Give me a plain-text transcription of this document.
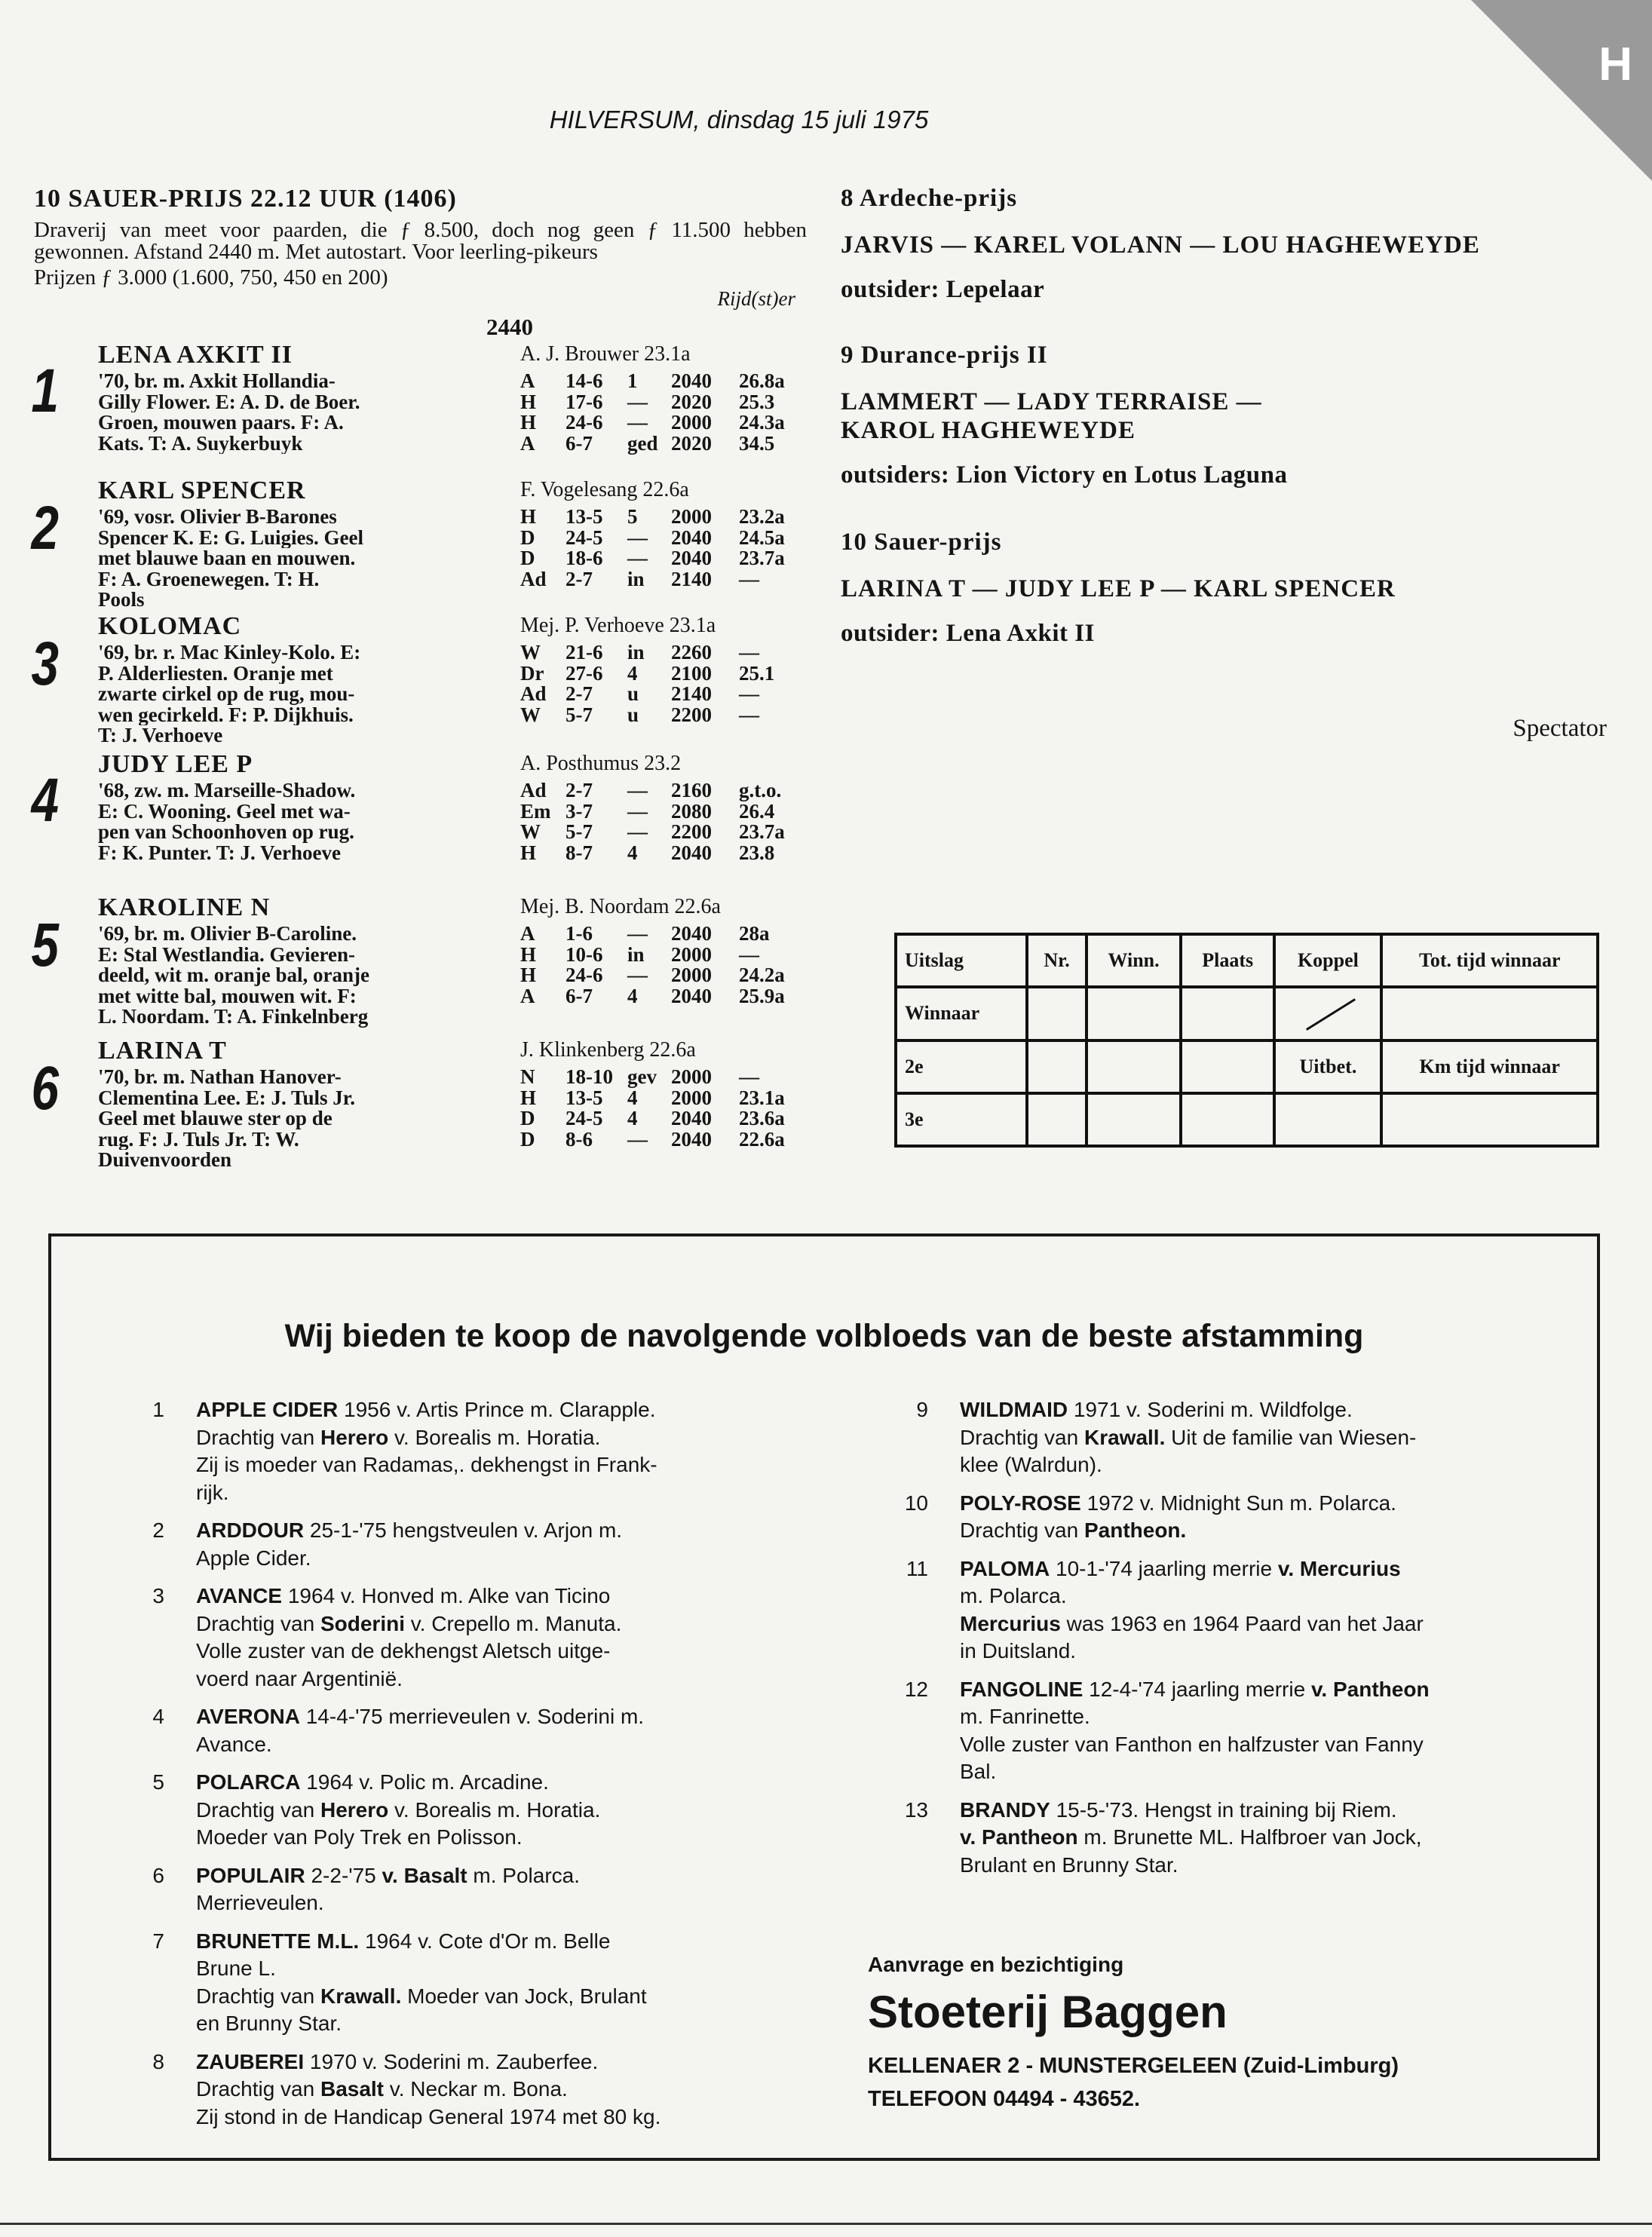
H
HILVERSUM, dinsdag 15 juli 1975
10 SAUER-PRIJS 22.12 UUR (1406)
Draverij van meet voor paarden, die ƒ 8.500, doch nog geen ƒ 11.500 hebben gewonnen. Afstand 2440 m. Met autostart. Voor leerling-pikeurs
Prijzen ƒ 3.000 (1.600, 750, 450 en 200)
Rijd(st)er
2440
1
LENA AXKIT II	A. J. Brouwer 23.1a
'70, br. m. Axkit Hollandia-
Gilly Flower. E: A. D. de Boer.
Groen, mouwen paars. F: A.
Kats. T: A. Suykerbuyk
A	14-6	1	2040	26.8a
H	17-6	—	2020	25.3
H	24-6	—	2000	24.3a
A	6-7	ged 2020	34.5
2
KARL SPENCER	F. Vogelesang 22.6a
'69, vosr. Olivier B-Barones
Spencer K. E: G. Luigies. Geel
met blauwe baan en mouwen.
F: A. Groenewegen. T: H.
Pools
H	13-5	5	2000	23.2a
D	24-5	—	2040	24.5a
D	18-6	—	2040	23.7a
Ad 2-7	in	2140	—
3
KOLOMAC	Mej. P. Verhoeve 23.1a
'69, br. r. Mac Kinley-Kolo. E:
P. Alderliesten. Oranje met
zwarte cirkel op de rug, mou-
wen gecirkeld. F: P. Dijkhuis.
T: J. Verhoeve
W	21-6	in	2260	—
Dr	27-6	4	2100	25.1
Ad 2-7	u	2140	—
W	5-7	u	2200	—
4
JUDY LEE P	A. Posthumus 23.2
'68, zw. m. Marseille-Shadow.
E: C. Wooning. Geel met wa-
pen van Schoonhoven op rug.
F: K. Punter. T: J. Verhoeve
Ad 2-7	—	2160	g.t.o.
Em 3-7	—	2080	26.4
W	5-7	—	2200	23.7a
H	8-7	4	2040	23.8
5
KAROLINE N	Mej. B. Noordam 22.6a
'69, br. m. Olivier B-Caroline.
E: Stal Westlandia. Gevieren-
deeld, wit m. oranje bal, oranje
met witte bal, mouwen wit. F:
L. Noordam. T: A. Finkelnberg
A	1-6	—	2040	28a
H	10-6	in	2000	—
H	24-6	—	2000	24.2a
A	6-7	4	2040	25.9a
6
LARINA T	J. Klinkenberg 22.6a
'70, br. m. Nathan Hanover-
Clementina Lee. E: J. Tuls Jr.
Geel met blauwe ster op de
rug. F: J. Tuls Jr. T: W.
Duivenvoorden
N	18-10 gev 2000	—
H	13-5	4	2000	23.1a
D	24-5	4	2040	23.6a
D	8-6	—	2040	22.6a
8 Ardeche-prijs
JARVIS — KAREL VOLANN — LOU HAGHEWEYDE
outsider: Lepelaar
9 Durance-prijs II
LAMMERT — LADY TERRAISE —
KAROL HAGHEWEYDE
outsiders: Lion Victory en Lotus Laguna
10 Sauer-prijs
LARINA T — JUDY LEE P — KARL SPENCER
outsider: Lena Axkit II
Spectator
Uitslag	Nr.	Winn.	Plaats	Koppel	Tot. tijd winnaar
Winnaar					
2e				Uitbet.	Km tijd winnaar
3e					
Wij bieden te koop de navolgende volbloeds van de beste afstamming
1 APPLE CIDER 1956 v. Artis Prince m. Clarapple.
Drachtig van Herero v. Borealis m. Horatia.
Zij is moeder van Radamas,. dekhengst in Frank-
rijk.
2 ARDDOUR 25-1-'75 hengstveulen v. Arjon m.
Apple Cider.
3 AVANCE 1964 v. Honved m. Alke van Ticino
Drachtig van Soderini v. Crepello m. Manuta.
Volle zuster van de dekhengst Aletsch uitge-
voerd naar Argentinië.
4 AVERONA 14-4-'75 merrieveulen v. Soderini m.
Avance.
5 POLARCA 1964 v. Polic m. Arcadine.
Drachtig van Herero v. Borealis m. Horatia.
Moeder van Poly Trek en Polisson.
6 POPULAIR 2-2-'75 v. Basalt m. Polarca.
Merrieveulen.
7 BRUNETTE M.L. 1964 v. Cote d'Or m. Belle
Brune L.
Drachtig van Krawall. Moeder van Jock, Brulant
en Brunny Star.
8 ZAUBEREI 1970 v. Soderini m. Zauberfee.
Drachtig van Basalt v. Neckar m. Bona.
Zij stond in de Handicap General 1974 met 80 kg.
9 WILDMAID 1971 v. Soderini m. Wildfolge.
Drachtig van Krawall. Uit de familie van Wiesen-
klee (Walrdun).
10 POLY-ROSE 1972 v. Midnight Sun m. Polarca.
Drachtig van Pantheon.
11 PALOMA 10-1-'74 jaarling merrie v. Mercurius
m. Polarca.
Mercurius was 1963 en 1964 Paard van het Jaar
in Duitsland.
12 FANGOLINE 12-4-'74 jaarling merrie v. Pantheon
m. Fanrinette.
Volle zuster van Fanthon en halfzuster van Fanny
Bal.
13 BRANDY 15-5-'73. Hengst in training bij Riem.
v. Pantheon m. Brunette ML. Halfbroer van Jock,
Brulant en Brunny Star.
Aanvrage en bezichtiging
Stoeterij Baggen
KELLENAER 2 - MUNSTERGELEEN (Zuid-Limburg)
TELEFOON 04494 - 43652.
